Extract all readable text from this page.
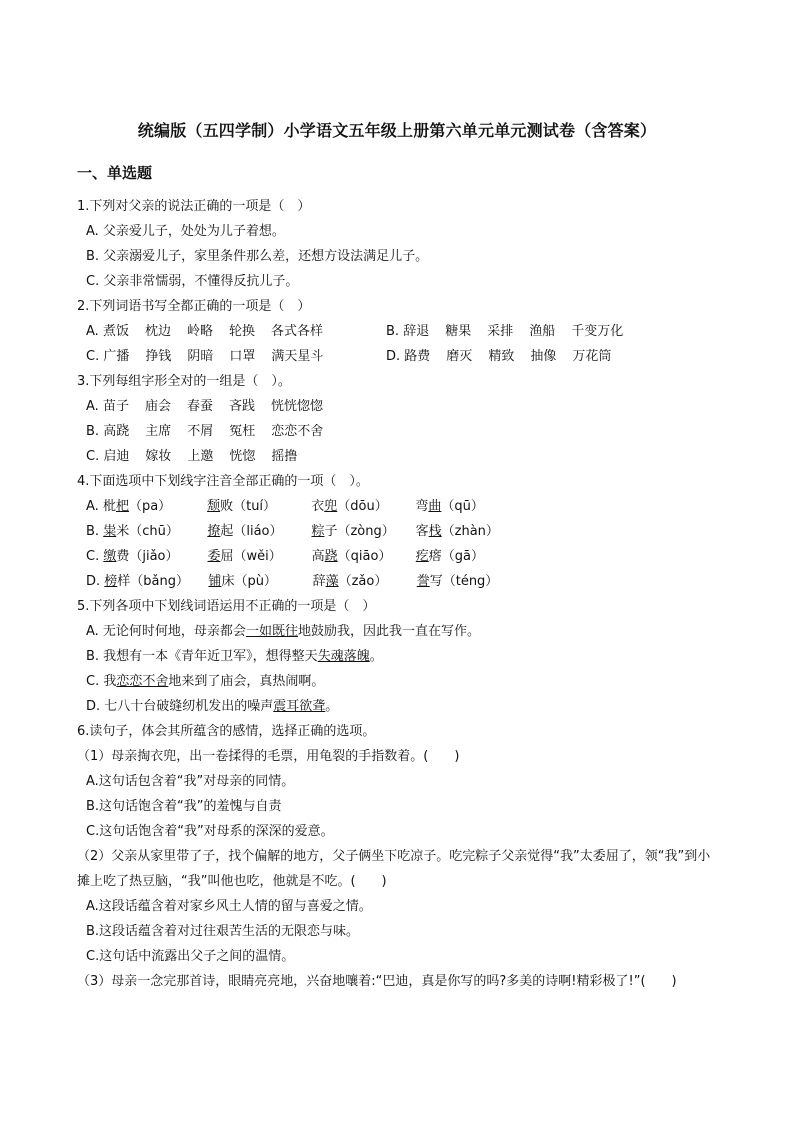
统编版（五四学制）小学语文五年级上册第六单元单元测试卷（含答案）
一、单选题
1.下列对父亲的说法正确的一项是（　）
A. 父亲爱儿子，处处为儿子着想。
B. 父亲溺爱儿子，家里条件那么差，还想方设法满足儿子。
C. 父亲非常懦弱，不懂得反抗儿子。
2.下列词语书写全都正确的一项是（　）
A. 煮饭 枕边 岭略 轮换 各式各样	B. 辞退 糖果 采排 渔船 千变万化
C. 广播 挣钱 阴暗 口罩 满天星斗	D. 路费 磨灭 精致 抽像 万花筒
3.下列每组字形全对的一组是（　）。
A. 苗子 庙会 春蚕 吝践 恍恍惚惚
B. 高跷 主席 不屑 冤枉 恋恋不舍
C. 启迪 嫁妆 上邀 恍惚 摇撸
4.下面选项中下划线字注音全部正确的一项（　）。
A. 枇杷（pa）	颓败（tuí）	衣兜（dōu） 弯曲（qū）
B. 粜米（chū） 撩起（liáo） 粽子（zòng） 客栈（zhàn）
C. 缴费（jiǎo） 委屈（wěi） 高跷（qiāo） 疙瘩（gā）
D. 榜样（bǎng） 铺床（pù）	辞藻（zǎo） 誊写（téng）
5.下列各项中下划线词语运用不正确的一项是（　）
A. 无论何时何地，母亲都会一如既往地鼓励我，因此我一直在写作。
B. 我想有一本《青年近卫军》，想得整天失魂落魄。
C. 我恋恋不舍地来到了庙会，真热闹啊。
D. 七八十台破缝纫机发出的噪声震耳欲聋。
6.读句子，体会其所蕴含的感情，选择正确的选项。
（1）母亲掏衣兜，出一卷揉得的毛票，用龟裂的手指数着。(　　)
A.这句话包含着“我”对母亲的同情。
B.这句话饱含着“我”的羞愧与自责
C.这句话饱含着“我”对母系的深深的爱意。
（2）父亲从家里带了子，找个偏解的地方，父子俩坐下吃凉子。吃完粽子父亲觉得“我”太委屈了，领“我”到小摊上吃了热豆脑，“我”叫他也吃，他就是不吃。(　　)
A.这段话蕴含着对家乡风土人情的留与喜爱之情。
B.这段话蕴含着对过往艰苦生活的无限恋与味。
C.这句话中流露出父子之间的温情。
（3）母亲一念完那首诗，眼睛亮亮地，兴奋地嚷着:“巴迪，真是你写的吗?多美的诗啊!精彩极了!”(　　)
